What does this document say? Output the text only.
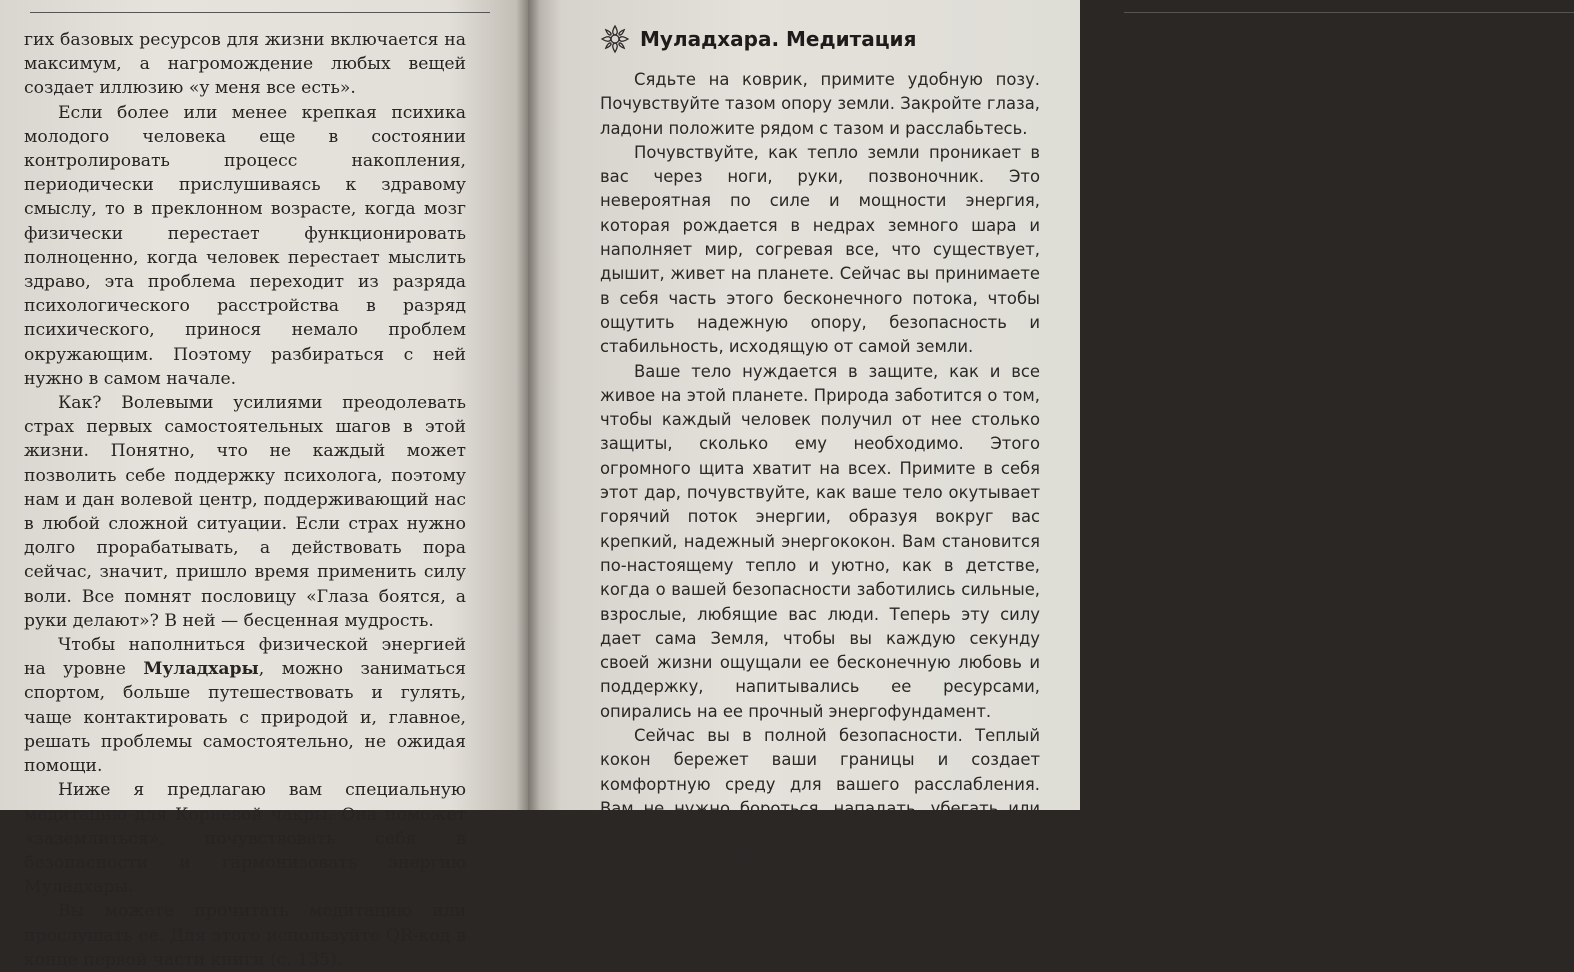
гих базовых ресурсов для жизни включается на максимум, а нагромождение любых вещей создает иллюзию «у меня все есть».

Если более или менее крепкая психика молодого человека еще в состоянии контролировать процесс накопления, периодически прислушиваясь к здравому смыслу, то в преклонном возрасте, когда мозг физически перестает функционировать полноценно, когда человек перестает мыслить здраво, эта проблема переходит из разряда психологического расстройства в разряд психического, принося немало проблем окружающим. Поэтому разбираться с ней нужно в самом начале.

Как? Волевыми усилиями преодолевать страх первых самостоятельных шагов в этой жизни. Понятно, что не каждый может позволить себе поддержку психолога, поэтому нам и дан волевой центр, поддерживающий нас в любой сложной ситуации. Если страх нужно долго прорабатывать, а действовать пора сейчас, значит, пришло время применить силу воли. Все помнят пословицу «Глаза боятся, а руки делают»? В ней — бесценная мудрость.

Чтобы наполниться физической энергией на уровне Муладхары, можно заниматься спортом, больше путешествовать и гулять, чаще контактировать с природой и, главное, решать проблемы самостоятельно, не ожидая помощи.

Ниже я предлагаю вам специальную медитацию для Корневой чакры. Она поможет «заземлиться», почувствовать себя в безопасности и гармонизовать энергию Муладхары.

Вы можете прочитать медитацию или прослушать ее. Для этого используйте QR-код в конце первой части книги (с. 135).

Муладхара. Медитация

Сядьте на коврик, примите удобную позу. Почувствуйте тазом опору земли. Закройте глаза, ладони положите рядом с тазом и расслабьтесь.

Почувствуйте, как тепло земли проникает в вас через ноги, руки, позвоночник. Это невероятная по силе и мощности энергия, которая рождается в недрах земного шара и наполняет мир, согревая все, что существует, дышит, живет на планете. Сейчас вы принимаете в себя часть этого бесконечного потока, чтобы ощутить надежную опору, безопасность и стабильность, исходящую от самой земли.

Ваше тело нуждается в защите, как и все живое на этой планете. Природа заботится о том, чтобы каждый человек получил от нее столько защиты, сколько ему необходимо. Этого огромного щита хватит на всех. Примите в себя этот дар, почувствуйте, как ваше тело окутывает горячий поток энергии, образуя вокруг вас крепкий, надежный энергококон. Вам становится по-настоящему тепло и уютно, как в детстве, когда о вашей безопасности заботились сильные, взрослые, любящие вас люди. Теперь эту силу дает сама Земля, чтобы вы каждую секунду своей жизни ощущали ее бесконечную любовь и поддержку, напитывались ее ресурсами, опирались на ее прочный энергофундамент.

Сейчас вы в полной безопасности. Теплый кокон бережет ваши границы и создает комфортную среду для вашего расслабления. Вам не нужно бороться, нападать, убегать или защищаться. Здесь и сейчас вас оберегает сила самой Вселенной, и эта поддержка была, есть и будет с вами всю жизнь. Рядом с вами присут-
